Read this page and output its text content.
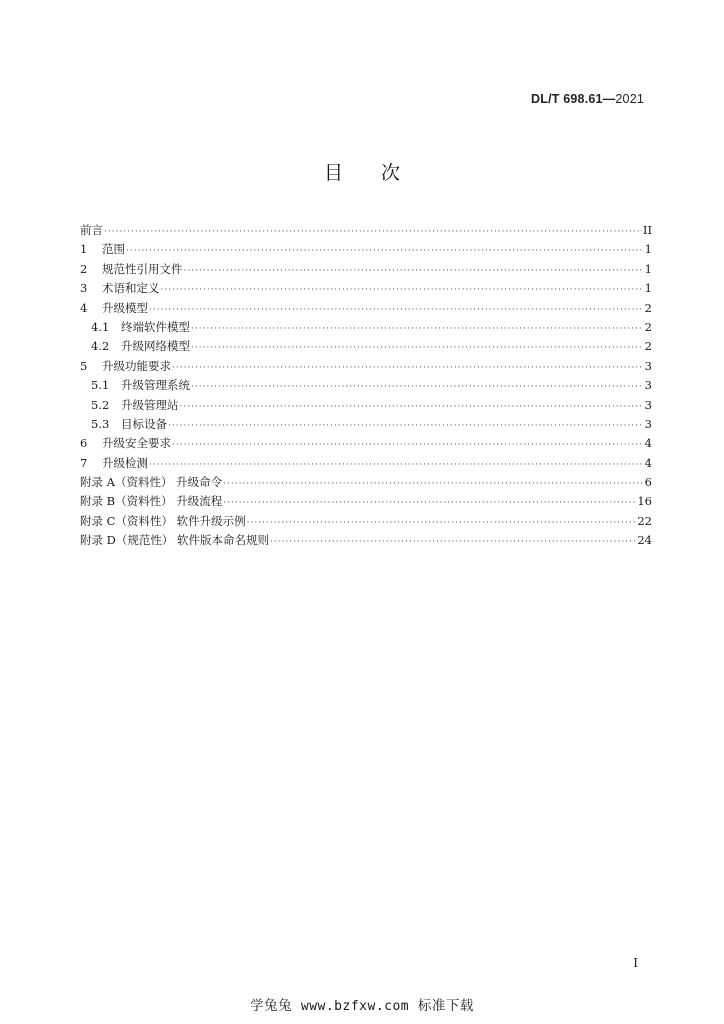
DL/T 698.61—2021
目次
前言 ·····	II
1	范围 ·····	1
2	规范性引用文件 ·····	1
3	术语和定义 ·····	1
4	升级模型 ·····	2
4.1	终端软件模型 ·····	2
4.2	升级网络模型 ·····	2
5	升级功能要求 ·····	3
5.1	升级管理系统 ·····	3
5.2	升级管理站 ·····	3
5.3	目标设备 ·····	3
6	升级安全要求 ·····	4
7	升级检测 ·····	4
附录 A（资料性） 升级命令 ·····	6
附录 B（资料性） 升级流程 ·····	16
附录 C（资料性） 软件升级示例 ·····	22
附录 D（规范性） 软件版本命名规则 ·····	24
I
学兔兔 www.bzfxw.com 标准下载
